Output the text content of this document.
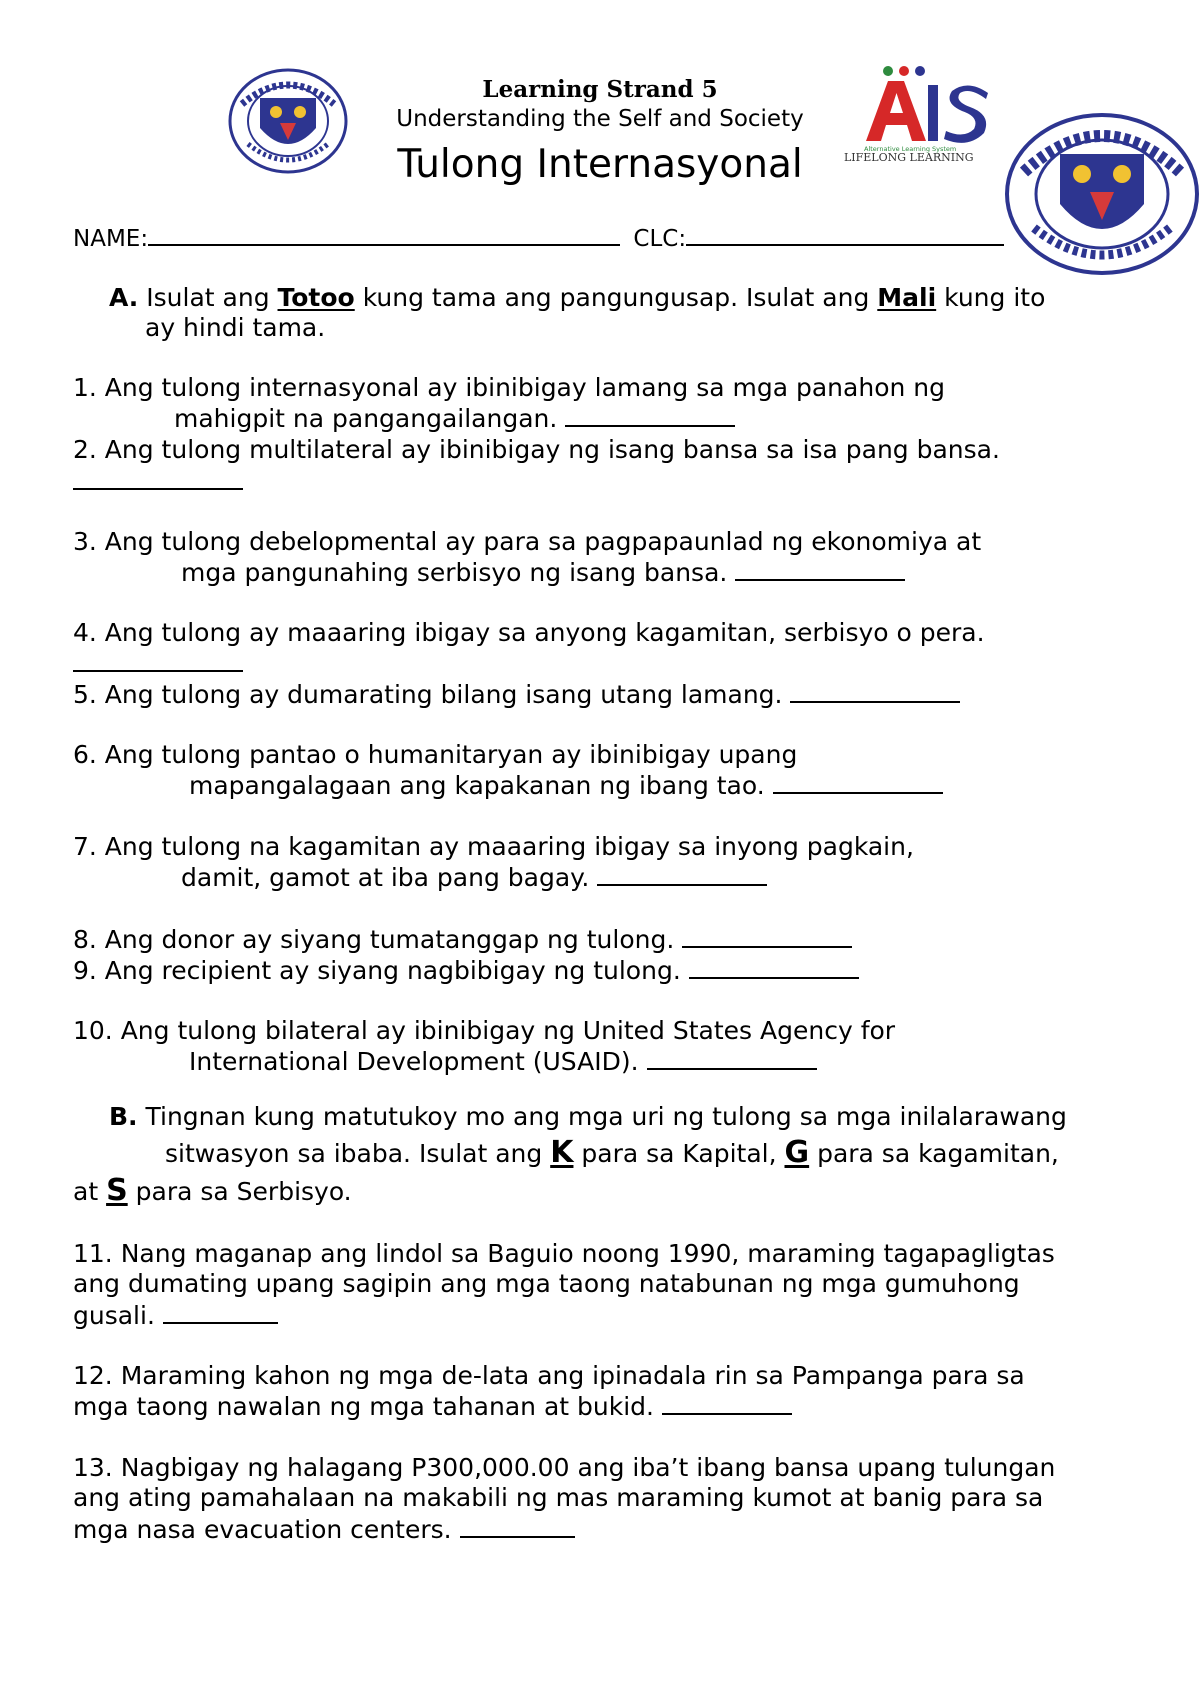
Alternative Learning System
LIFELONG LEARNING
Learning Strand 5
Understanding the Self and Society
Tulong Internasyonal
NAME:	CLC:
A. Isulat ang Totoo kung tama ang pangungusap. Isulat ang Mali kung ito
ay hindi tama.
1. Ang tulong internasyonal ay ibinibigay lamang sa mga panahon ng
mahigpit na pangangailangan.
2. Ang tulong multilateral ay ibinibigay ng isang bansa sa isa pang bansa.
3. Ang tulong debelopmental ay para sa pagpapaunlad ng ekonomiya at
mga pangunahing serbisyo ng isang bansa.
4. Ang tulong ay maaaring ibigay sa anyong kagamitan, serbisyo o pera.
5. Ang tulong ay dumarating bilang isang utang lamang.
6. Ang tulong pantao o humanitaryan ay ibinibigay upang
mapangalagaan ang kapakanan ng ibang tao.
7. Ang tulong na kagamitan ay maaaring ibigay sa inyong pagkain,
damit, gamot at iba pang bagay.
8. Ang donor ay siyang tumatanggap ng tulong.
9. Ang recipient ay siyang nagbibigay ng tulong.
10. Ang tulong bilateral ay ibinibigay ng United States Agency for
International Development (USAID).
B. Tingnan kung matutukoy mo ang mga uri ng tulong sa mga inilalarawang
sitwasyon sa ibaba. Isulat ang K para sa Kapital, G para sa kagamitan,
at S para sa Serbisyo.
11. Nang maganap ang lindol sa Baguio noong 1990, maraming tagapagligtas
ang dumating upang sagipin ang mga taong natabunan ng mga gumuhong
gusali.
12. Maraming kahon ng mga de-lata ang ipinadala rin sa Pampanga para sa
mga taong nawalan ng mga tahanan at bukid.
13. Nagbigay ng halagang P300,000.00 ang iba’t ibang bansa upang tulungan
ang ating pamahalaan na makabili ng mas maraming kumot at banig para sa
mga nasa evacuation centers.
